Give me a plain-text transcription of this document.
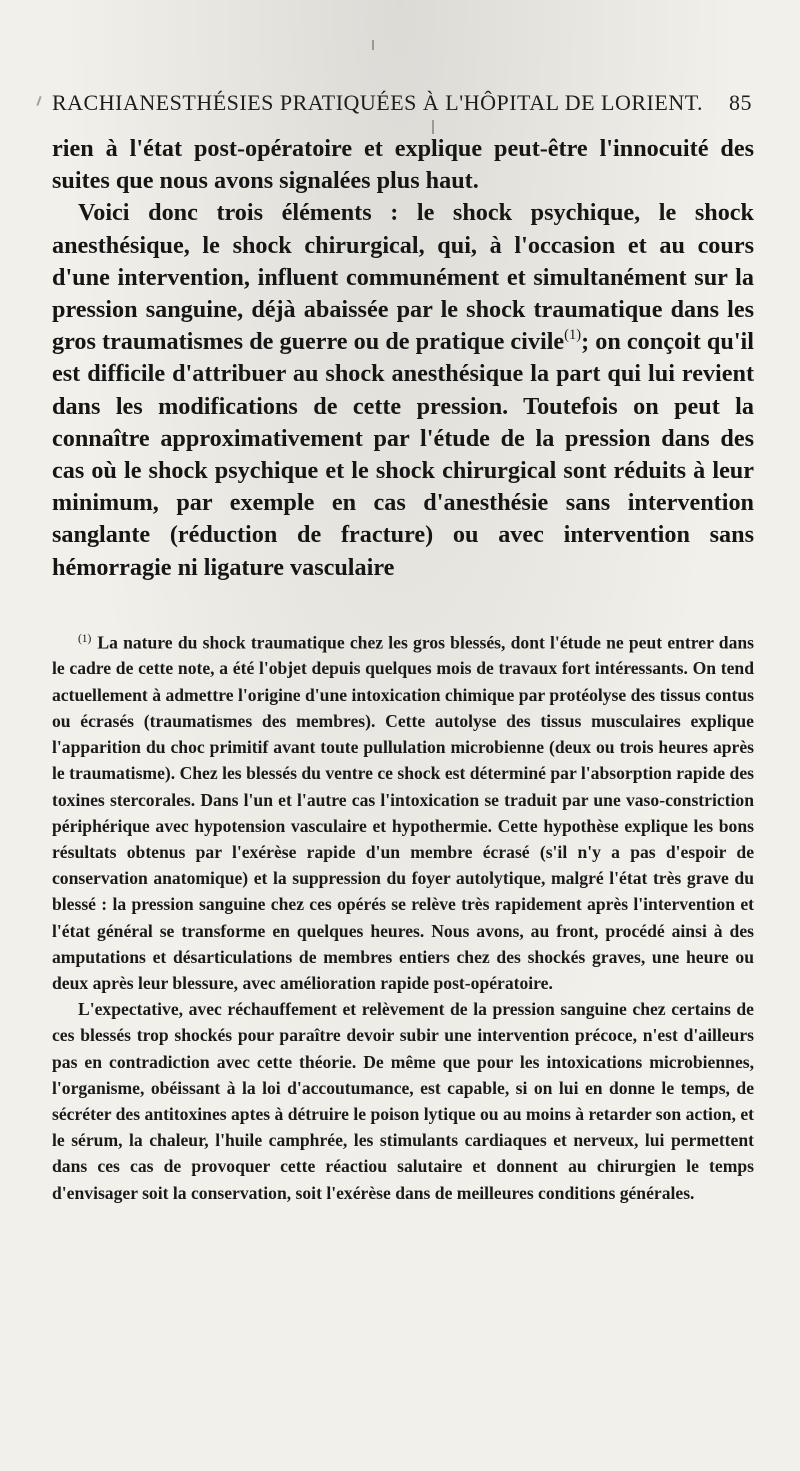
RACHIANESTHÉSIES PRATIQUÉES À L'HÔPITAL DE LORIENT. 85

rien à l'état post-opératoire et explique peut-être l'innocuité des suites que nous avons signalées plus haut.

Voici donc trois éléments : le shock psychique, le shock anesthésique, le shock chirurgical, qui, à l'occasion et au cours d'une intervention, influent communément et simultanément sur la pression sanguine, déjà abaissée par le shock traumatique dans les gros traumatismes de guerre ou de pratique civile$^{(1)}$; on conçoit qu'il est difficile d'attribuer au shock anesthésique la part qui lui revient dans les modifications de cette pression. Toutefois on peut la connaître approximativement par l'étude de la pression dans des cas où le shock psychique et le shock chirurgical sont réduits à leur minimum, par exemple en cas d'anesthésie sans intervention sanglante (réduction de fracture) ou avec intervention sans hémorragie ni ligature vasculaire

$^{(1)}$ La nature du shock traumatique chez les gros blessés, dont l'étude ne peut entrer dans le cadre de cette note, a été l'objet depuis quelques mois de travaux fort intéressants. On tend actuellement à admettre l'origine d'une intoxication chimique par protéolyse des tissus contus ou écrasés (traumatismes des membres). Cette autolyse des tissus musculaires explique l'apparition du choc primitif avant toute pullulation microbienne (deux ou trois heures après le traumatisme). Chez les blessés du ventre ce shock est déterminé par l'absorption rapide des toxines stercorales. Dans l'un et l'autre cas l'intoxication se traduit par une vaso-constriction périphérique avec hypotension vasculaire et hypothermie. Cette hypothèse explique les bons résultats obtenus par l'exérèse rapide d'un membre écrasé (s'il n'y a pas d'espoir de conservation anatomique) et la suppression du foyer autolytique, malgré l'état très grave du blessé : la pression sanguine chez ces opérés se relève très rapidement après l'intervention et l'état général se transforme en quelques heures. Nous avons, au front, procédé ainsi à des amputations et désarticulations de membres entiers chez des shockés graves, une heure ou deux après leur blessure, avec amélioration rapide post-opératoire.

L'expectative, avec réchauffement et relèvement de la pression sanguine chez certains de ces blessés trop shockés pour paraître devoir subir une intervention précoce, n'est d'ailleurs pas en contradiction avec cette théorie. De même que pour les intoxications microbiennes, l'organisme, obéissant à la loi d'accoutumance, est capable, si on lui en donne le temps, de sécréter des antitoxines aptes à détruire le poison lytique ou au moins à retarder son action, et le sérum, la chaleur, l'huile camphrée, les stimulants cardiaques et nerveux, lui permettent dans ces cas de provoquer cette réactiou salutaire et donnent au chirurgien le temps d'envisager soit la conservation, soit l'exérèse dans de meilleures conditions générales.
